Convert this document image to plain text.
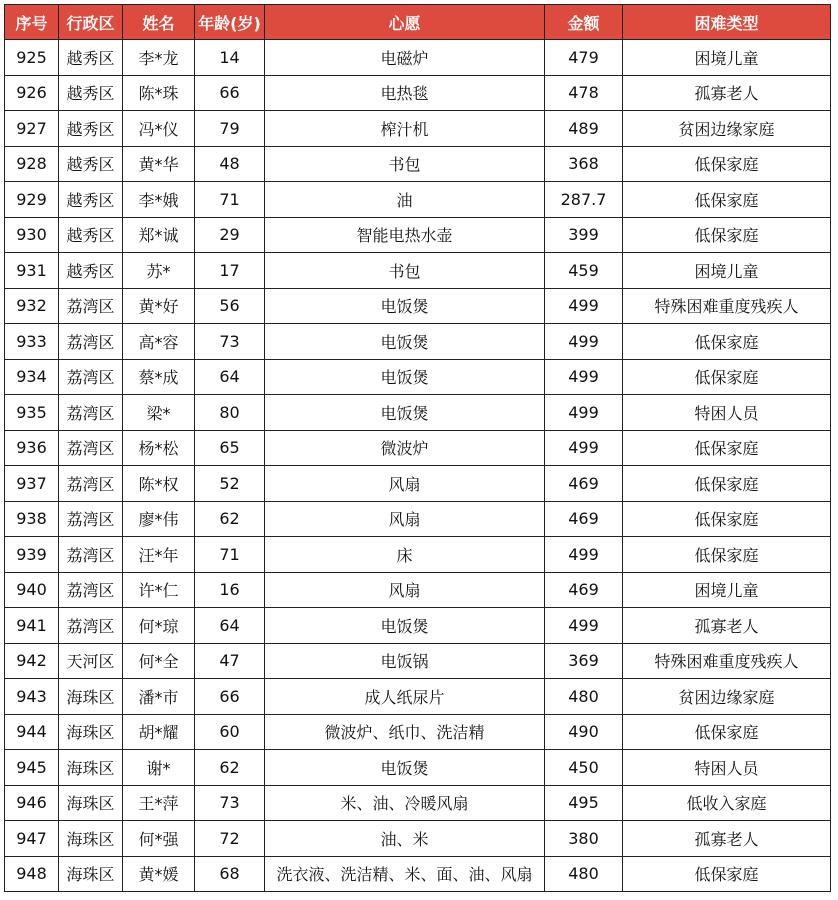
序号	行政区	姓名	年龄(岁)	心愿	金额	困难类型
925	越秀区	李*龙	14	电磁炉	479	困境儿童
926	越秀区	陈*珠	66	电热毯	478	孤寡老人
927	越秀区	冯*仪	79	榨汁机	489	贫困边缘家庭
928	越秀区	黄*华	48	书包	368	低保家庭
929	越秀区	李*娥	71	油	287.7	低保家庭
930	越秀区	郑*诚	29	智能电热水壶	399	低保家庭
931	越秀区	苏*	17	书包	459	困境儿童
932	荔湾区	黄*好	56	电饭煲	499	特殊困难重度残疾人
933	荔湾区	高*容	73	电饭煲	499	低保家庭
934	荔湾区	蔡*成	64	电饭煲	499	低保家庭
935	荔湾区	梁*	80	电饭煲	499	特困人员
936	荔湾区	杨*松	65	微波炉	499	低保家庭
937	荔湾区	陈*权	52	风扇	469	低保家庭
938	荔湾区	廖*伟	62	风扇	469	低保家庭
939	荔湾区	汪*年	71	床	499	低保家庭
940	荔湾区	许*仁	16	风扇	469	困境儿童
941	荔湾区	何*琼	64	电饭煲	499	孤寡老人
942	天河区	何*全	47	电饭锅	369	特殊困难重度残疾人
943	海珠区	潘*市	66	成人纸尿片	480	贫困边缘家庭
944	海珠区	胡*耀	60	微波炉、纸巾、洗洁精	490	低保家庭
945	海珠区	谢*	62	电饭煲	450	特困人员
946	海珠区	王*萍	73	米、油、冷暖风扇	495	低收入家庭
947	海珠区	何*强	72	油、米	380	孤寡老人
948	海珠区	黄*媛	68	洗衣液、洗洁精、米、面、油、风扇	480	低保家庭
